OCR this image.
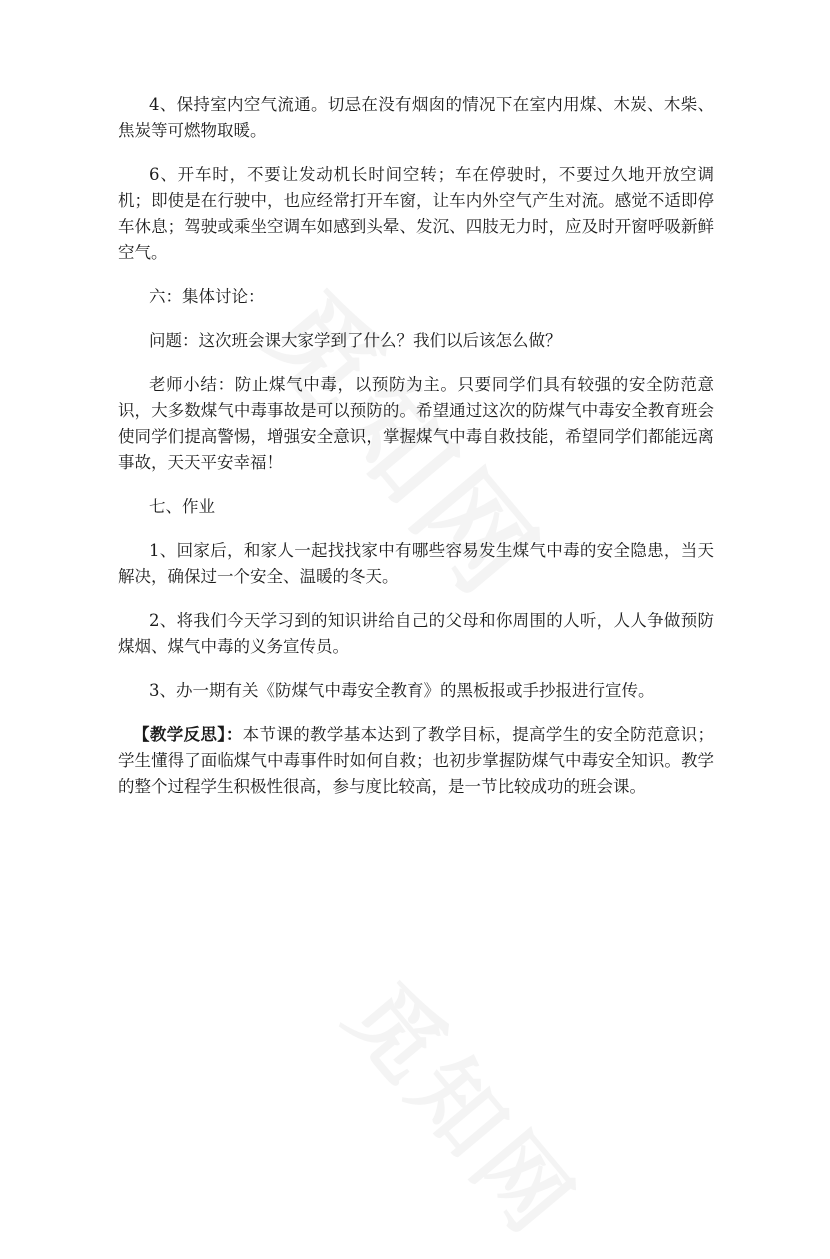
4、保持室内空气流通。切忌在没有烟囱的情况下在室内用煤、木炭、木柴、焦炭等可燃物取暖。

6、开车时，不要让发动机长时间空转；车在停驶时，不要过久地开放空调机；即使是在行驶中，也应经常打开车窗，让车内外空气产生对流。感觉不适即停车休息；驾驶或乘坐空调车如感到头晕、发沉、四肢无力时，应及时开窗呼吸新鲜空气。

六：集体讨论：

问题：这次班会课大家学到了什么？我们以后该怎么做？

老师小结：防止煤气中毒，以预防为主。只要同学们具有较强的安全防范意识，大多数煤气中毒事故是可以预防的。希望通过这次的防煤气中毒安全教育班会使同学们提高警惕，增强安全意识，掌握煤气中毒自救技能，希望同学们都能远离事故，天天平安幸福！

七、作业

1、回家后，和家人一起找找家中有哪些容易发生煤气中毒的安全隐患，当天解决，确保过一个安全、温暖的冬天。

2、将我们今天学习到的知识讲给自己的父母和你周围的人听，人人争做预防煤烟、煤气中毒的义务宣传员。

3、办一期有关《防煤气中毒安全教育》的黑板报或手抄报进行宣传。

【教学反思】：本节课的教学基本达到了教学目标，提高学生的安全防范意识；学生懂得了面临煤气中毒事件时如何自救；也初步掌握防煤气中毒安全知识。教学的整个过程学生积极性很高，参与度比较高，是一节比较成功的班会课。
